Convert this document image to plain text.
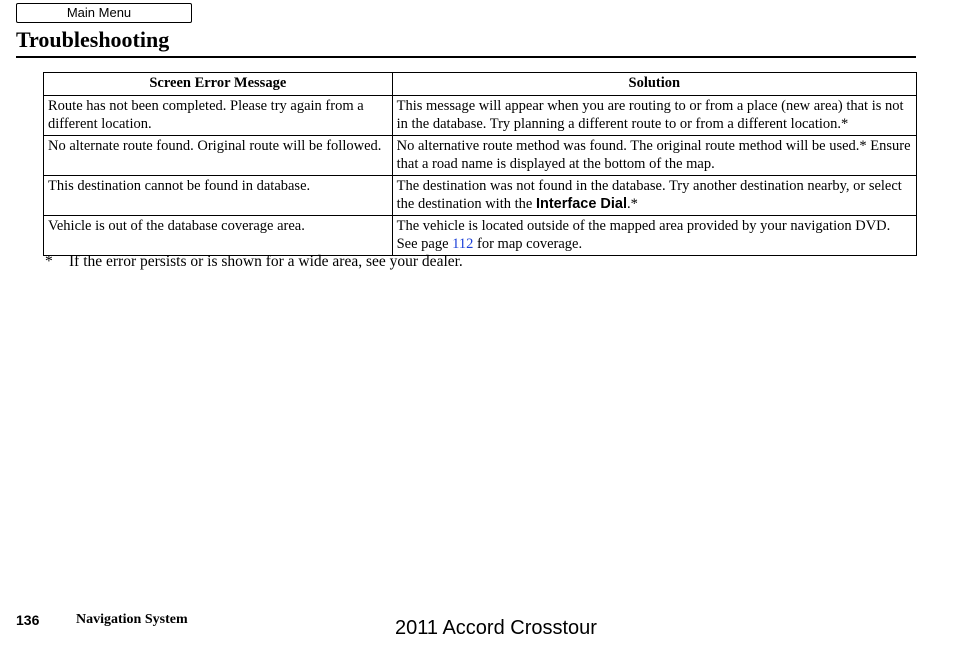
Main Menu
Troubleshooting
Screen Error Message	Solution
Route has not been completed. Please try again from a different location.	This message will appear when you are routing to or from a place (new area) that is not in the database. Try planning a different route to or from a different location.*
No alternate route found. Original route will be followed.	No alternative route method was found. The original route method will be used.* Ensure that a road name is displayed at the bottom of the map.
This destination cannot be found in database.	The destination was not found in the database. Try another destination nearby, or select the destination with the Interface Dial.*
Vehicle is out of the database coverage area.	The vehicle is located outside of the mapped area provided by your navigation DVD. See page 112 for map coverage.

* If the error persists or is shown for a wide area, see your dealer.

136	Navigation System	2011 Accord Crosstour
